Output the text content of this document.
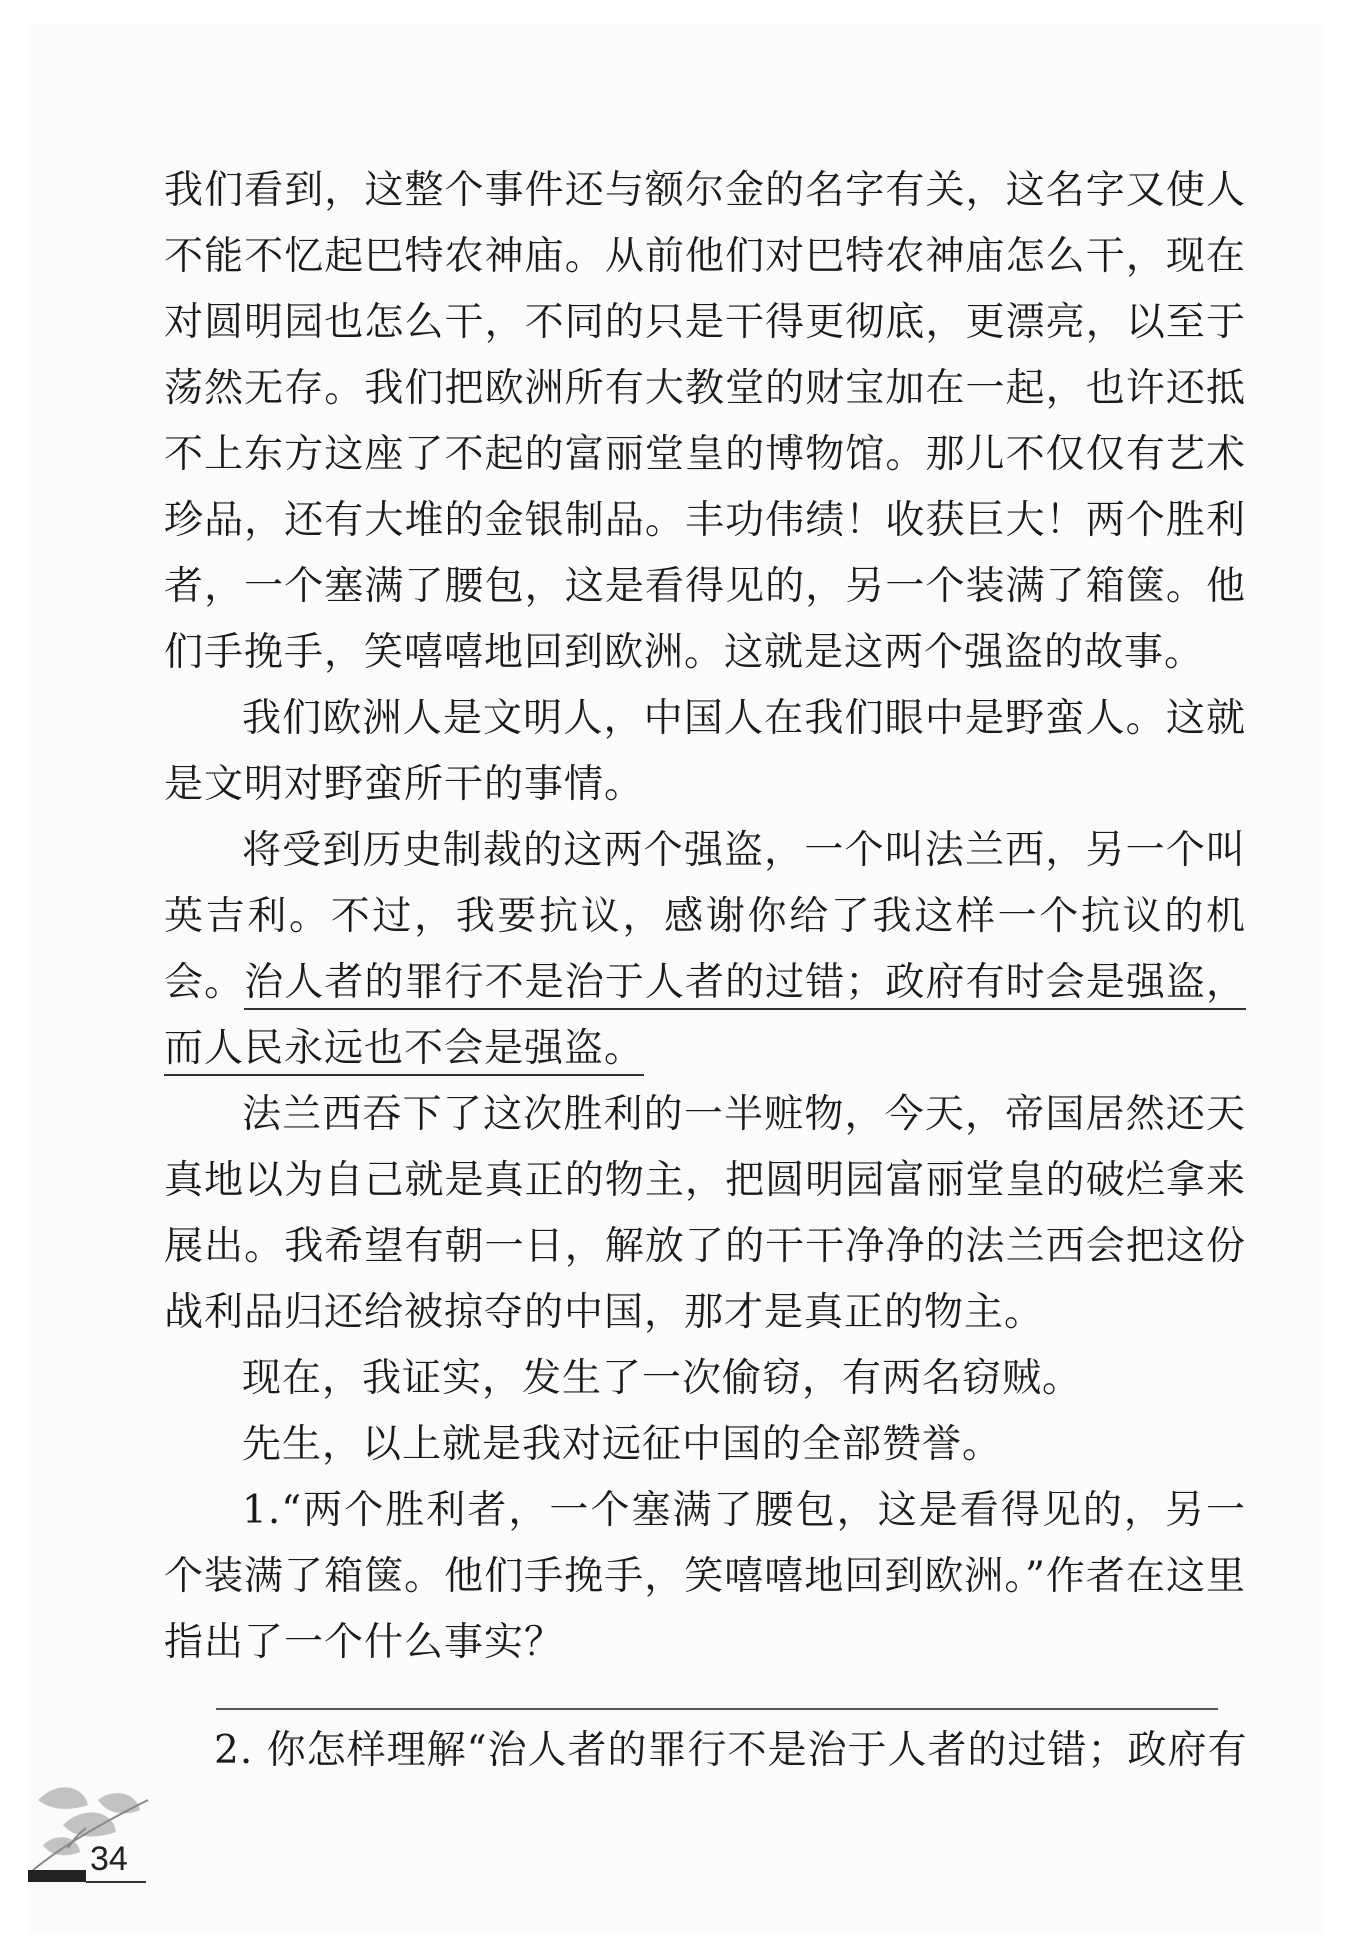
我们看到，这整个事件还与额尔金的名字有关，这名字又使人不能不忆起巴特农神庙。从前他们对巴特农神庙怎么干，现在对圆明园也怎么干，不同的只是干得更彻底，更漂亮，以至于荡然无存。我们把欧洲所有大教堂的财宝加在一起，也许还抵不上东方这座了不起的富丽堂皇的博物馆。那儿不仅仅有艺术珍品，还有大堆的金银制品。丰功伟绩！收获巨大！两个胜利者，一个塞满了腰包，这是看得见的，另一个装满了箱箧。他们手挽手，笑嘻嘻地回到欧洲。这就是这两个强盗的故事。

我们欧洲人是文明人，中国人在我们眼中是野蛮人。这就是文明对野蛮所干的事情。

将受到历史制裁的这两个强盗，一个叫法兰西，另一个叫英吉利。不过，我要抗议，感谢你给了我这样一个抗议的机会。治人者的罪行不是治于人者的过错；政府有时会是强盗，而人民永远也不会是强盗。

法兰西吞下了这次胜利的一半赃物，今天，帝国居然还天真地以为自己就是真正的物主，把圆明园富丽堂皇的破烂拿来展出。我希望有朝一日，解放了的干干净净的法兰西会把这份战利品归还给被掠夺的中国，那才是真正的物主。

现在，我证实，发生了一次偷窃，有两名窃贼。

先生，以上就是我对远征中国的全部赞誉。

1.“两个胜利者，一个塞满了腰包，这是看得见的，另一个装满了箱箧。他们手挽手，笑嘻嘻地回到欧洲。”作者在这里指出了一个什么事实？

2. 你怎样理解“治人者的罪行不是治于人者的过错；政府有
34
